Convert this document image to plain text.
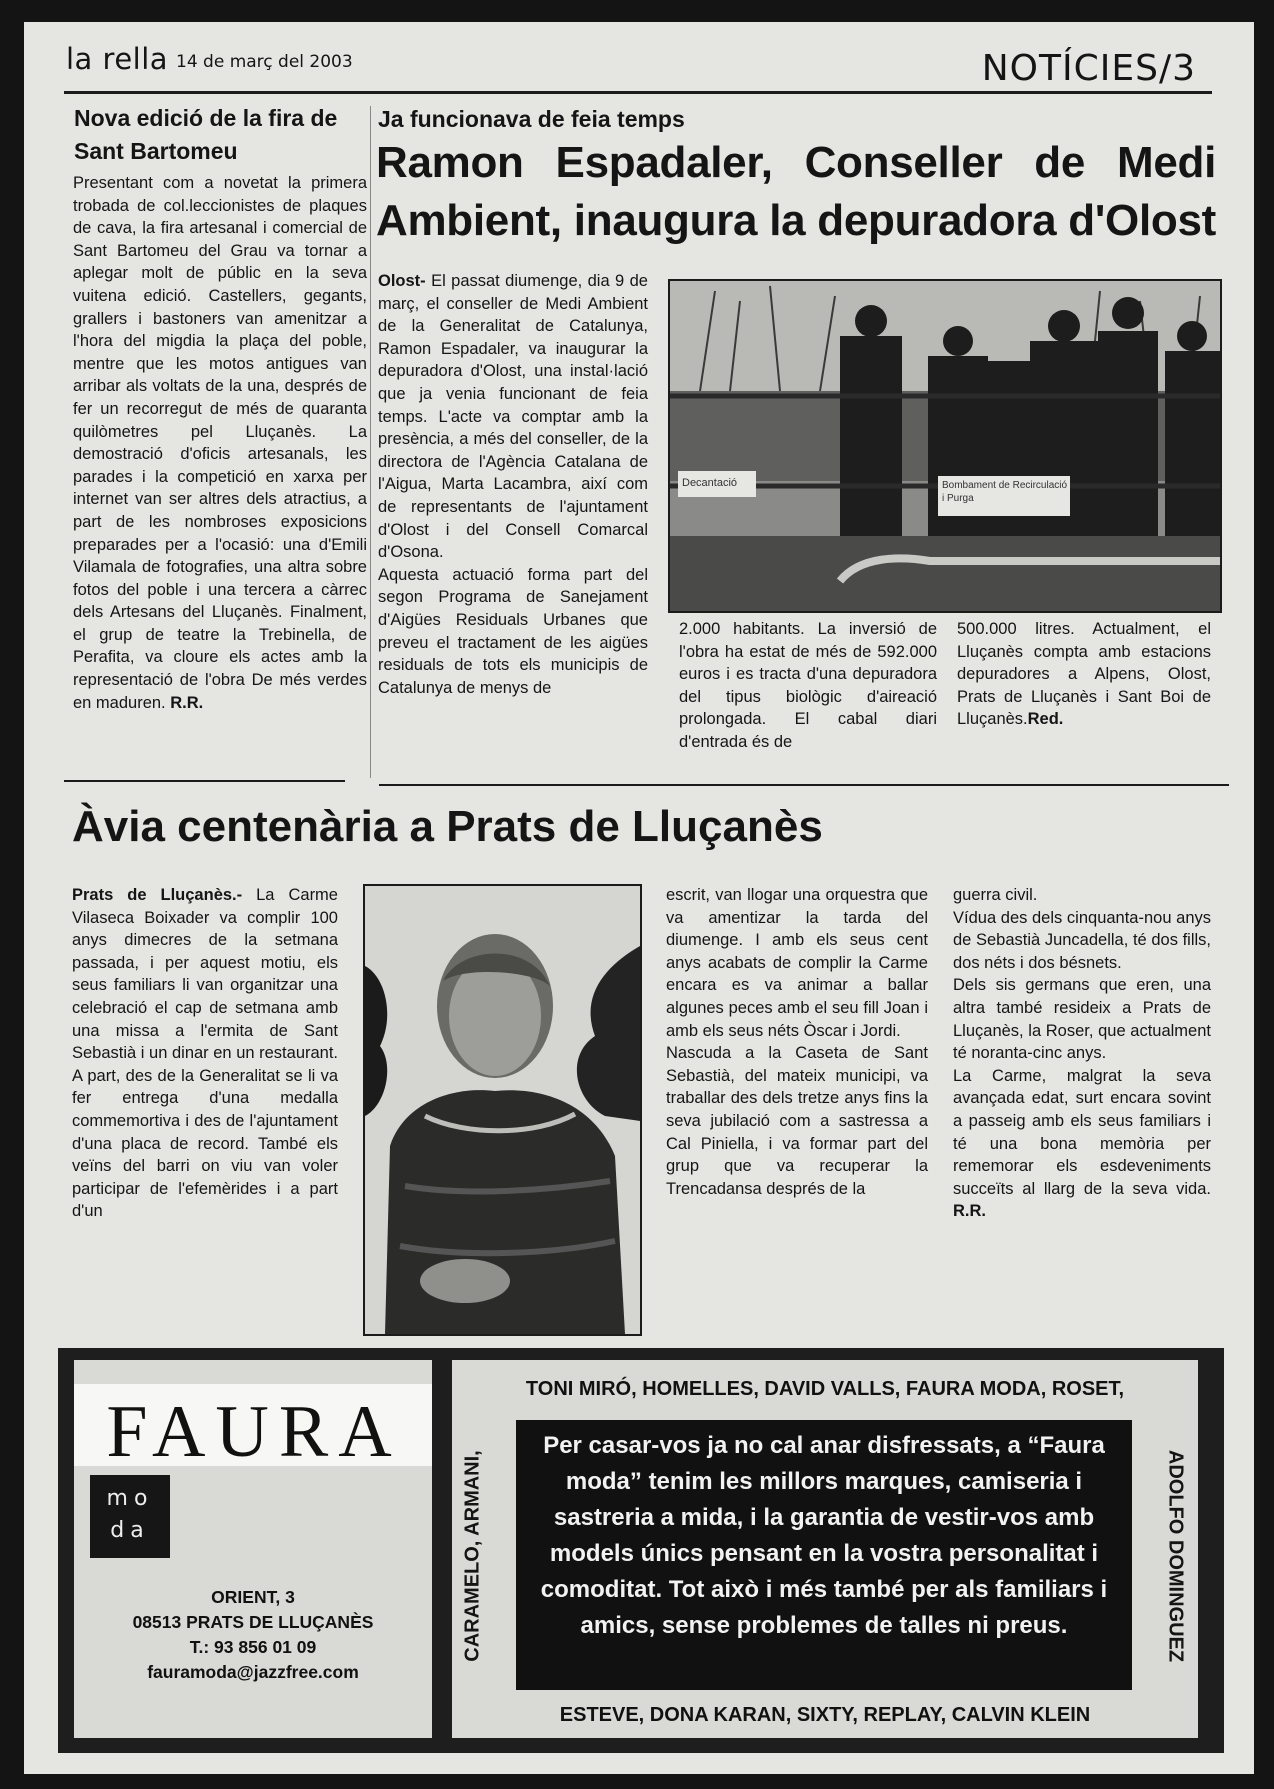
la rella 14 de març del 2003	NOTÍCIES/3
Nova edició de la fira de Sant Bartomeu
Presentant com a novetat la primera trobada de col.leccionistes de plaques de cava, la fira artesanal i comercial de Sant Bartomeu del Grau va tornar a aplegar molt de públic en la seva vuitena edició. Castellers, gegants, grallers i bastoners van amenitzar a l'hora del migdia la plaça del poble, mentre que les motos antigues van arribar als voltats de la una, després de fer un recorregut de més de quaranta quilòmetres pel Lluçanès. La demostració d'oficis artesanals, les parades i la competició en xarxa per internet van ser altres dels atractius, a part de les nombroses exposicions preparades per a l'ocasió: una d'Emili Vilamala de fotografies, una altra sobre fotos del poble i una tercera a càrrec dels Artesans del Lluçanès. Finalment, el grup de teatre la Trebinella, de Perafita, va cloure els actes amb la representació de l'obra De més verdes en maduren. R.R.
Ja funcionava de feia temps
Ramon Espadaler, Conseller de Medi Ambient, inaugura la depuradora d'Olost
Olost- El passat diumenge, dia 9 de març, el conseller de Medi Ambient de la Generalitat de Catalunya, Ramon Espadaler, va inaugurar la depuradora d'Olost, una instal·lació que ja venia funcionant de feia temps. L'acte va comptar amb la presència, a més del conseller, de la directora de l'Agència Catalana de l'Aigua, Marta Lacambra, així com de representants de l'ajuntament d'Olost i del Consell Comarcal d'Osona.
Aquesta actuació forma part del segon Programa de Sanejament d'Aigües Residuals Urbanes que preveu el tractament de les aigües residuals de tots els municipis de Catalunya de menys de
Decantació	Bombament de Recirculació i Purga
2.000 habitants. La inversió de l'obra ha estat de més de 592.000 euros i es tracta d'una depuradora del tipus biològic d'aireació prolongada. El cabal diari d'entrada és de
500.000 litres. Actualment, el Lluçanès compta amb estacions depuradores a Alpens, Olost, Prats de Lluçanès i Sant Boi de Lluçanès.Red.
Àvia centenària a Prats de Lluçanès
Prats de Lluçanès.- La Carme Vilaseca Boixader va complir 100 anys dimecres de la setmana passada, i per aquest motiu, els seus familiars li van organitzar una celebració el cap de setmana amb una missa a l'ermita de Sant Sebastià i un dinar en un restaurant. A part, des de la Generalitat se li va fer entrega d'una medalla commemortiva i des de l'ajuntament d'una placa de record. També els veïns del barri on viu van voler participar de l'efemèrides i a part d'un
escrit, van llogar una orquestra que va amentizar la tarda del diumenge. I amb els seus cent anys acabats de complir la Carme encara es va animar a ballar algunes peces amb el seu fill Joan i amb els seus néts Òscar i Jordi.
Nascuda a la Caseta de Sant Sebastià, del mateix municipi, va traballar des dels tretze anys fins la seva jubilació com a sastressa a Cal Piniella, i va formar part del grup que va recuperar la Trencadansa després de la
guerra civil.
Vídua des dels cinquanta-nou anys de Sebastià Juncadella, té dos fills, dos néts i dos bésnets.
Dels sis germans que eren, una altra també resideix a Prats de Lluçanès, la Roser, que actualment té noranta-cinc anys.
La Carme, malgrat la seva avançada edat, surt encara sovint a passeig amb els seus familiars i té una bona memòria per rememorar els esdeveniments succeïts al llarg de la seva vida. R.R.
FAURA
mo
da
ORIENT, 3
08513 PRATS DE LLUÇANÈS
T.: 93 856 01 09
fauramoda@jazzfree.com
TONI MIRÓ, HOMELLES, DAVID VALLS, FAURA MODA, ROSET,
CARAMELO, ARMANI,
Per casar-vos ja no cal anar disfressats, a “Faura moda” tenim les millors marques, camiseria i sastreria a mida, i la garantia de vestir-vos amb models únics pensant en la vostra personalitat i comoditat. Tot això i més també per als familiars i amics, sense problemes de talles ni preus.	ADOLFO DOMINGUEZ
ESTEVE, DONA KARAN, SIXTY, REPLAY, CALVIN KLEIN
